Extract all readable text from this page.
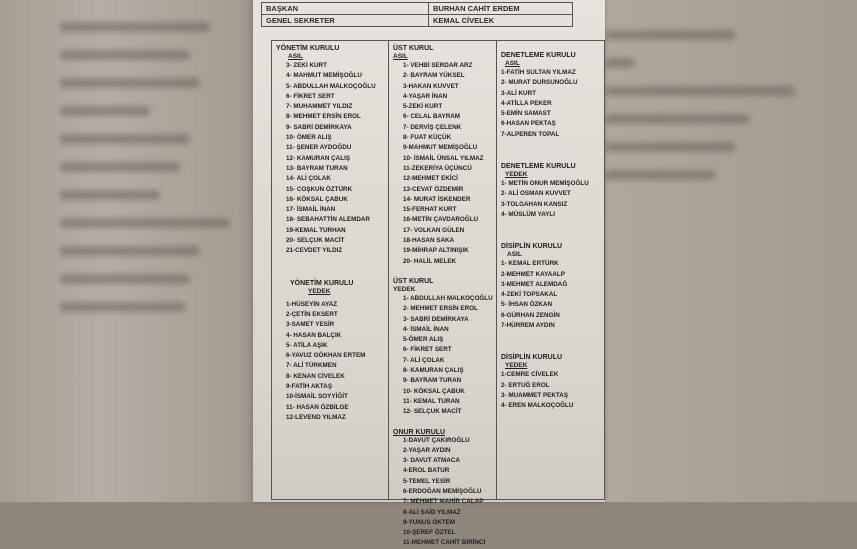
BAŞKAN	BURHAN CAHİT ERDEM
GENEL SEKRETER	KEMAL CİVELEK
YÖNETİM KURULU
ASIL
3- ZEKİ KURT
4- MAHMUT MEMİŞOĞLU
5- ABDULLAH MALKOÇOĞLU
6- FİKRET SERT
7- MUHAMMET YILDIZ
8- MEHMET ERSİN EROL
9- SABRİ DEMİRKAYA
10- ÖMER ALIŞ
11- ŞENER AYDOĞDU
12- KAMURAN ÇALIŞ
13- BAYRAM TURAN
14- ALİ ÇOLAK
15- COŞKUN ÖZTÜRK
16- KÖKSAL ÇABUK
17- İSMAİL İNAN
18- SEBAHATTİN ALEMDAR
19-KEMAL TURHAN
20- SELÇUK MACİT
21-CEVDET YILDIZ
YÖNETİM KURULU
YEDEK
1-HÜSEYİN AYAZ
2-ÇETİN EKSERT
3-SAMET YESİR
4- HASAN BALÇIK
5- ATİLA AŞIK
6-YAVUZ GÖKHAN ERTEM
7- ALİ TÜRKMEN
8- KENAN CİVELEK
9-FATİH AKTAŞ
10-İSMAİL SOYYİĞİT
11- HASAN ÖZBİLGE
12-LEVEND YILMAZ
ÜST KURUL
ASIL
1- VEHBİ SERDAR ARZ
2- BAYRAM YÜKSEL
3-HAKAN KUVVET
4-YAŞAR İNAN
5-ZEKİ KURT
6- CELAL BAYRAM
7- DERVİŞ ÇELENK
8- FUAT KÜÇÜK
9-MAHMUT MEMİŞOĞLU
10- İSMAİL ÜNSAL YILMAZ
11-ZEKERİYA ÜÇÜNCÜ
12-MEHMET EKİCİ
13-CEVAT ÖZDEMİR
14- MURAT İSKENDER
15-FERHAT KURT
16-METİN ÇAVDAROĞLU
17- VOLKAN GÜLEN
18-HASAN SAKA
19-MİHRAP ALTINIŞIK
20- HALİL MELEK
ÜST KURUL
YEDEK
1- ABDULLAH MALKOÇOĞLU
2- MEHMET ERSİN EROL
3- SABRİ DEMİRKAYA
4- İSMAİL İNAN
5-ÖMER ALIŞ
6- FİKRET SERT
7- ALİ ÇOLAK
8- KAMURAN ÇALIŞ
9- BAYRAM TURAN
10- KÖKSAL ÇABUK
11- KEMAL TURAN
12- SELÇUK MACİT
ONUR KURULU
1-DAVUT ÇAKIROĞLU
2-YAŞAR AYDIN
3- DAVUT ATMACA
4-EROL BATUR
5-TEMEL YESİR
6-ERDOĞAN MEMİŞOĞLU
7- MEHMET MAHİR CALAP
8-ALİ SAİD YILMAZ
9-YUNUS ÖKTEM
10-ŞEREF ÖZTEL
11-MEHMET CAHİT BİRİNCİ
DENETLEME KURULU
ASIL
1-FATİH SULTAN YILMAZ
2- MURAT DURSUNOĞLU
3-ALİ KURT
4-ATİLLA PEKER
5-EMİN SAMAST
6-HASAN PEKTAŞ
7-ALPEREN TOPAL
DENETLEME KURULU
YEDEK
1- METİN ONUR MEMİŞOĞLU
2- ALİ OSMAN KUVVET
3-TOLGAHAN KANSIZ
4- MÜSLÜM YAYLI
DİSİPLİN KURULU
ASIL
1- KEMAL ERTÜRK
2-MEHMET KAYAALP
3-MEHMET ALEMDAĞ
4-ZEKİ TOPSAKAL
5- İHSAN ÖZKAN
6-GÜRHAN ZENGİN
7-HÜRREM AYDIN
DİSİPLİN KURULU
YEDEK
1-CEMRE CİVELEK
2- ERTUĞ EROL
3- MUAMMET PEKTAŞ
4- EREN MALKOÇOĞLU
